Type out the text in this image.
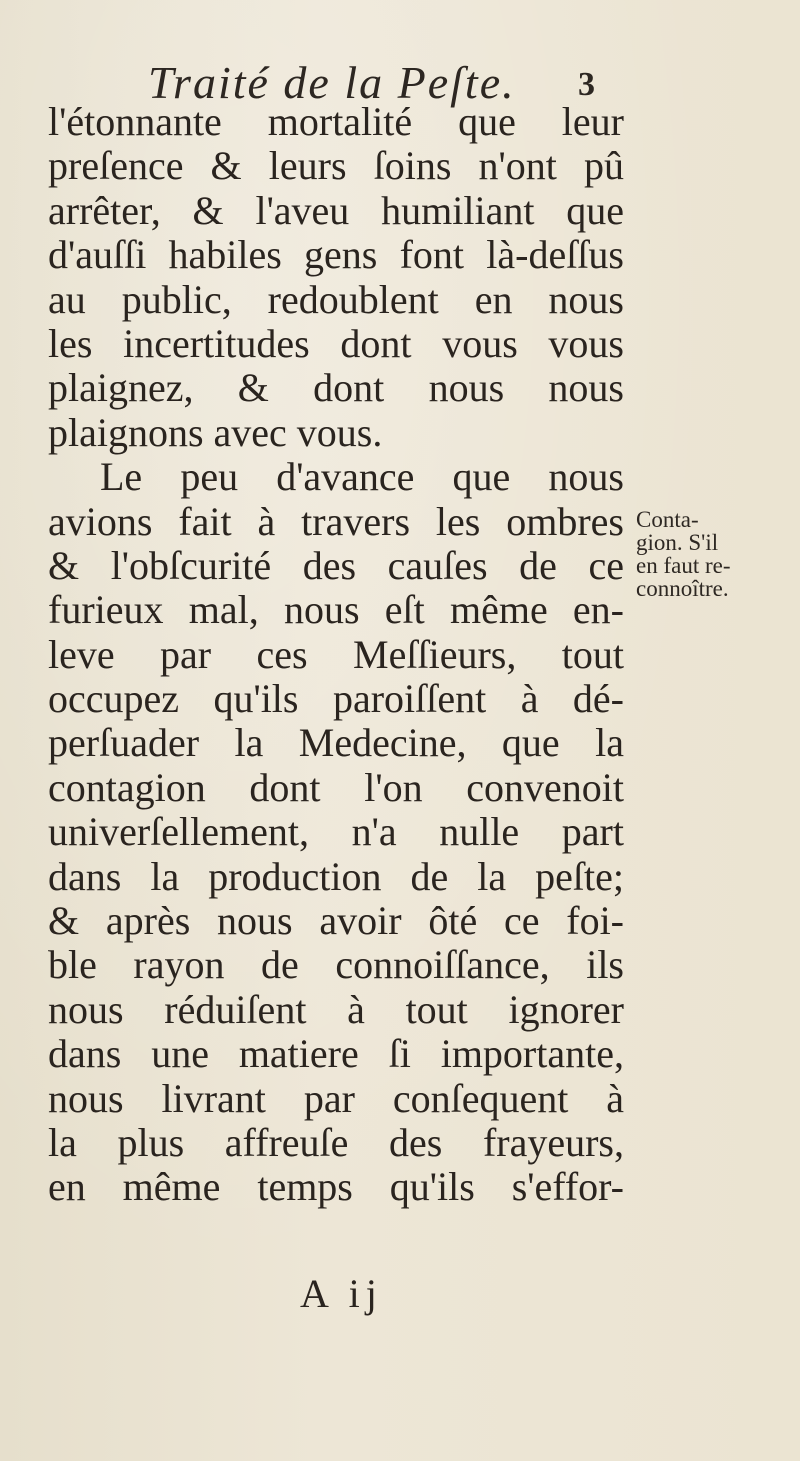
Traité de la Peſte. 3
l'étonnante mortalité que leur
preſence & leurs ſoins n'ont pû
arrêter, & l'aveu humiliant que
d'auſſi habiles gens font là-deſſus
au public, redoublent en nous
les incertitudes dont vous vous
plaignez, & dont nous nous
plaignons avec vous.
Le peu d'avance que nous
avions fait à travers les ombres
& l'obſcurité des cauſes de ce
furieux mal, nous eſt même en-
leve par ces Meſſieurs, tout
occupez qu'ils paroiſſent à dé-
perſuader la Medecine, que la
contagion dont l'on convenoit
univerſellement, n'a nulle part
dans la production de la peſte;
& après nous avoir ôté ce foi-
ble rayon de connoiſſance, ils
nous réduiſent à tout ignorer
dans une matiere ſi importante,
nous livrant par conſequent à
la plus affreuſe des frayeurs,
en même temps qu'ils s'effor-
Conta-
gion. S'il
en faut re-
connoître.
A ij
